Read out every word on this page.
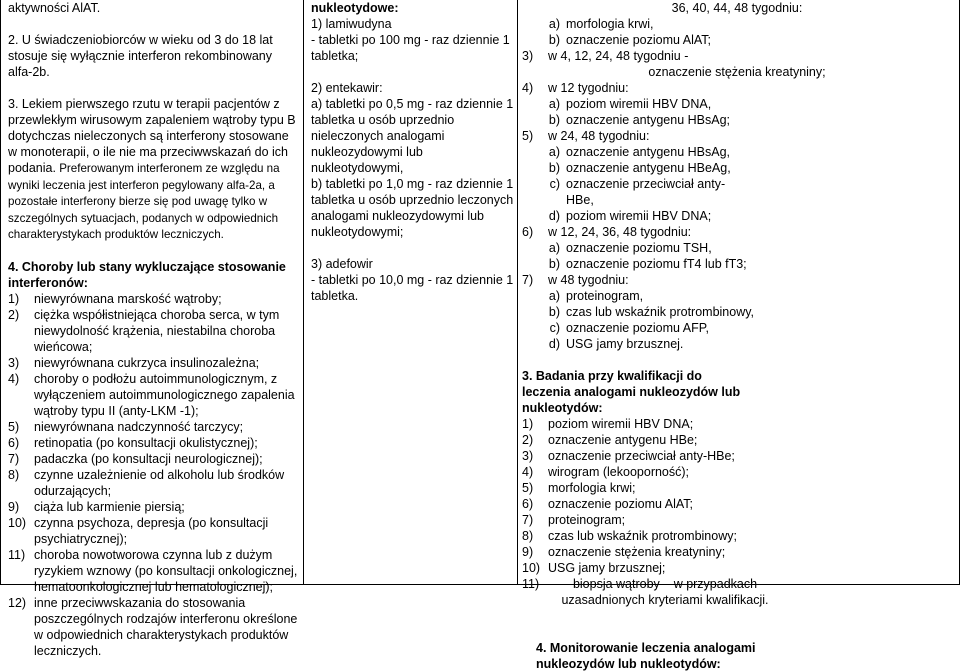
aktywności AlAT.

2. U świadczeniobiorców w wieku od 3 do 18 lat stosuje się wyłącznie interferon rekombinowany alfa-2b.

3. Lekiem pierwszego rzutu w terapii pacjentów z przewlekłym wirusowym zapaleniem wątroby typu B dotychczas nieleczonych są interferony stosowane w monoterapii, o ile nie ma przeciwwskazań do ich podania. Preferowanym interferonem ze względu na wyniki leczenia jest interferon pegylowany alfa-2a, a pozostałe interferony bierze się pod uwagę tylko w szczególnych sytuacjach, podanych w odpowiednich charakterystykach produktów leczniczych.

4. Choroby lub stany wykluczające stosowanie interferonów:

1)	niewyrównana marskość wątroby;
2)	ciężka współistniejąca choroba serca, w tym niewydolność krążenia, niestabilna choroba wieńcowa;
3)	niewyrównana cukrzyca insulinozależna;
4)	choroby o podłożu autoimmunologicznym, z wyłączeniem autoimmunologicznego zapalenia wątroby typu II (anty-LKM -1);
5)	niewyrównana nadczynność tarczycy;
6)	retinopatia (po konsultacji okulistycznej);
7)	padaczka (po konsultacji neurologicznej);
8)	czynne uzależnienie od alkoholu lub środków odurzających;
9)	ciąża lub karmienie piersią;
10) czynna psychoza, depresja (po konsultacji psychiatrycznej);
11) choroba nowotworowa czynna lub z dużym ryzykiem wznowy (po konsultacji onkologicznej, hematoonkologicznej lub hematologicznej);
12) inne przeciwwskazania do stosowania poszczególnych rodzajów interferonu określone w odpowiednich charakterystykach produktów leczniczych.

nukleotydowe:

1) lamiwudyna

- tabletki po 100 mg - raz dziennie 1 tabletka;

2) entekawir:

a) tabletki po 0,5 mg - raz dziennie 1 tabletka u osób uprzednio nieleczonych analogami nukleozydowymi lub nukleotydowymi,

b) tabletki po 1,0 mg - raz dziennie 1 tabletka u osób uprzednio leczonych analogami nukleozydowymi lub nukleotydowymi;

3) adefowir

- tabletki po 10,0 mg - raz dziennie 1 tabletka.

36, 40, 44, 48 tygodniu:

a) morfologia krwi,
b) oznaczenie poziomu AlAT;
3)	w 4, 12, 24, 48 tygodniu -

oznaczenie stężenia kreatyniny;

4)	w 12 tygodniu:
a) poziom wiremii HBV DNA,
b) oznaczenie antygenu HBsAg;
5)	w 24, 48 tygodniu:
a) oznaczenie antygenu HBsAg,
b) oznaczenie antygenu HBeAg,
c) oznaczenie przeciwciał anty-HBe,
d) poziom wiremii HBV DNA;
6)	w 12, 24, 36, 48 tygodniu:
a) oznaczenie poziomu TSH,
b) oznaczenie poziomu fT4 lub fT3;
7)	w 48 tygodniu:
a) proteinogram,
b) czas lub wskaźnik protrombinowy,
c) oznaczenie poziomu AFP,
d) USG jamy brzusznej.

3. Badania przy kwalifikacji do leczenia analogami nukleozydów lub nukleotydów:

1)	poziom wiremii HBV DNA;
2)	oznaczenie antygenu HBe;
3)	oznaczenie przeciwciał anty-HBe;
4)	wirogram (lekooporność);
5)	morfologia krwi;
6)	oznaczenie poziomu AlAT;
7)	proteinogram;
8)	czas lub wskaźnik protrombinowy;
9)	oznaczenie stężenia kreatyniny;
10) USG jamy brzusznej;
11)	biopsja wątroby – w przypadkach uzasadnionych kryteriami kwalifikacji.

4. Monitorowanie leczenia analogami nukleozydów lub nukleotydów:
